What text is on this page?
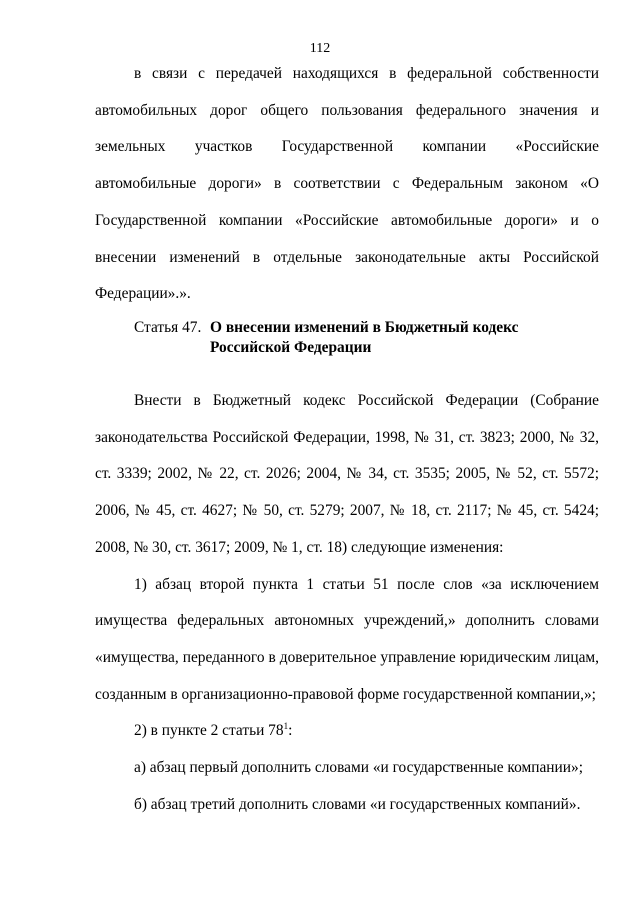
112

в связи с передачей находящихся в федеральной собственности автомобильных дорог общего пользования федерального значения и земельных участков Государственной компании «Российские автомобильные дороги» в соответствии с Федеральным законом «О Государственной компании «Российские автомобильные дороги» и о внесении изменений в отдельные законодательные акты Российской Федерации».».

Статья 47. О внесении изменений в Бюджетный кодекс Российской Федерации

Внести в Бюджетный кодекс Российской Федерации (Собрание законодательства Российской Федерации, 1998, № 31, ст. 3823; 2000, № 32, ст. 3339; 2002, № 22, ст. 2026; 2004, № 34, ст. 3535; 2005, № 52, ст. 5572; 2006, № 45, ст. 4627; № 50, ст. 5279; 2007, № 18, ст. 2117; № 45, ст. 5424; 2008, № 30, ст. 3617; 2009, № 1, ст. 18) следующие изменения:

1) абзац второй пункта 1 статьи 51 после слов «за исключением имущества федеральных автономных учреждений,» дополнить словами «имущества, переданного в доверительное управление юридическим лицам, созданным в организационно-правовой форме государственной компании,»;

2) в пункте 2 статьи $78^1$:

а) абзац первый дополнить словами «и государственные компании»;

б) абзац третий дополнить словами «и государственных компаний».
